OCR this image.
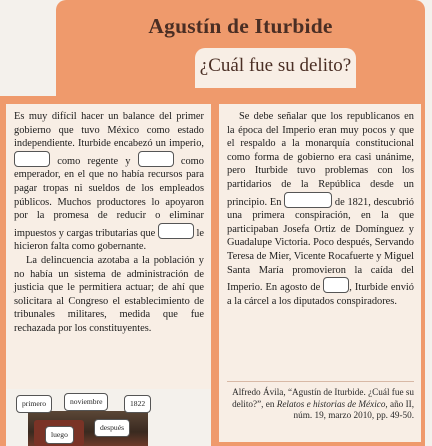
Agustín de Iturbide
¿Cuál fue su delito?
Es muy difícil hacer un balance del primer gobierno que tuvo México como estado independiente. Iturbide encabezó un imperio,  como regente y	como emperador, en el que no había recursos para pagar tropas ni sueldos de los empleados públicos. Muchos productores lo apoyaron por la promesa de reducir o eliminar impuestos y cargas tributarias que	le hicieron falta como gobernante.
La delincuencia azotaba a la población y no había un sistema de administración de justicia que le permitiera actuar; de ahí que solicitara al Congreso el establecimiento de tribunales militares, medida que fue rechazada por los constituyentes.
Se debe señalar que los republicanos en la época del Imperio eran muy pocos y que el respaldo a la monarquía constitucional como forma de gobierno era casi unánime, pero Iturbide tuvo problemas con los partidarios de la República desde un principio. En	de 1821, descubrió una primera conspiración, en la que participaban Josefa Ortiz de Domínguez y Guadalupe Victoria. Poco después, Servando Teresa de Mier, Vicente Rocafuerte y Miguel Santa María promovieron la caída del Imperio. En agosto de	, Iturbide envió a la cárcel a los diputados conspiradores.
Alfredo Ávila, “Agustín de Iturbide. ¿Cuál fue su delito?”, en Relatos e historias de México, año II, núm. 19, marzo 2010, pp. 49-50.
primero	noviembre	1822
luego
después
